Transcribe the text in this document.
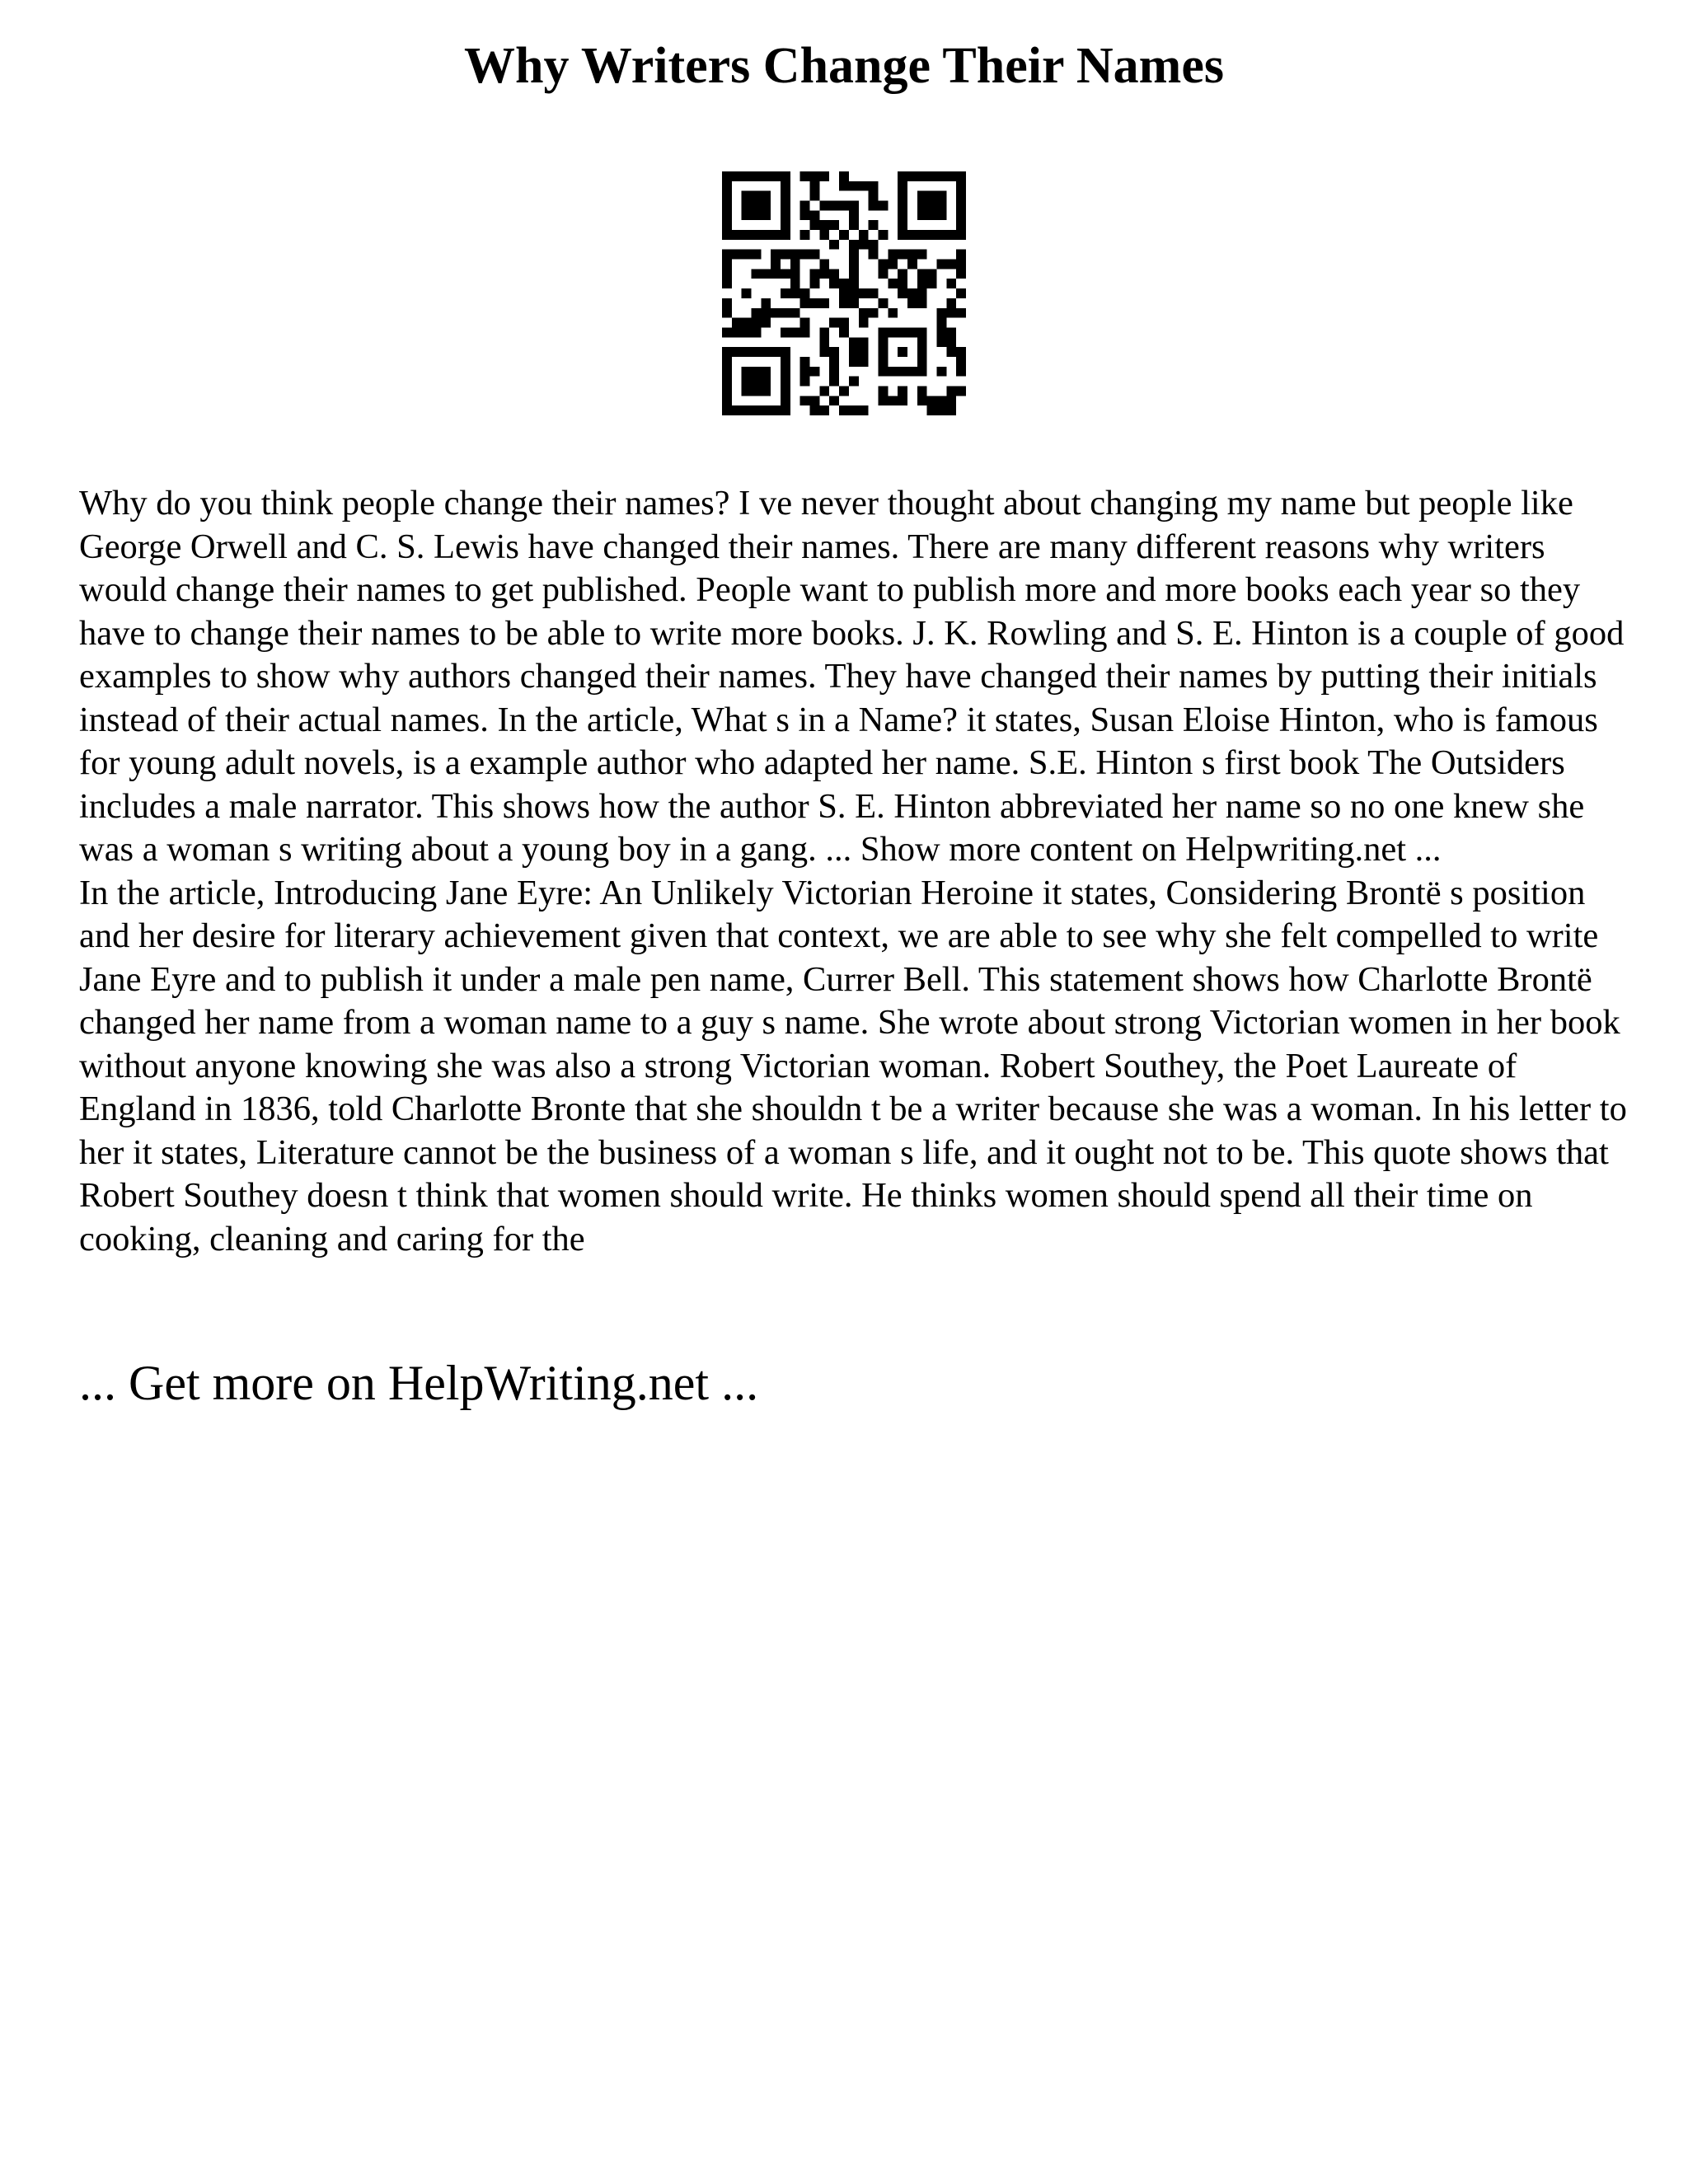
Why Writers Change Their Names

Why do you think people change their names? I ve never thought about changing my name but people like George Orwell and C. S. Lewis have changed their names. There are many different reasons why writers would change their names to get published. People want to publish more and more books each year so they have to change their names to be able to write more books. J. K. Rowling and S. E. Hinton is a couple of good examples to show why authors changed their names. They have changed their names by putting their initials instead of their actual names. In the article, What s in a Name? it states, Susan Eloise Hinton, who is famous for young adult novels, is a example author who adapted her name. S.E. Hinton s first book The Outsiders includes a male narrator. This shows how the author S. E. Hinton abbreviated her name so no one knew she was a woman s writing about a young boy in a gang. ... Show more content on Helpwriting.net ...

In the article, Introducing Jane Eyre: An Unlikely Victorian Heroine it states, Considering Brontë s position and her desire for literary achievement given that context, we are able to see why she felt compelled to write Jane Eyre and to publish it under a male pen name, Currer Bell. This statement shows how Charlotte Brontë changed her name from a woman name to a guy s name. She wrote about strong Victorian women in her book without anyone knowing she was also a strong Victorian woman. Robert Southey, the Poet Laureate of England in 1836, told Charlotte Bronte that she shouldn t be a writer because she was a woman. In his letter to her it states, Literature cannot be the business of a woman s life, and it ought not to be. This quote shows that Robert Southey doesn t think that women should write. He thinks women should spend all their time on cooking, cleaning and caring for the

... Get more on HelpWriting.net ...
